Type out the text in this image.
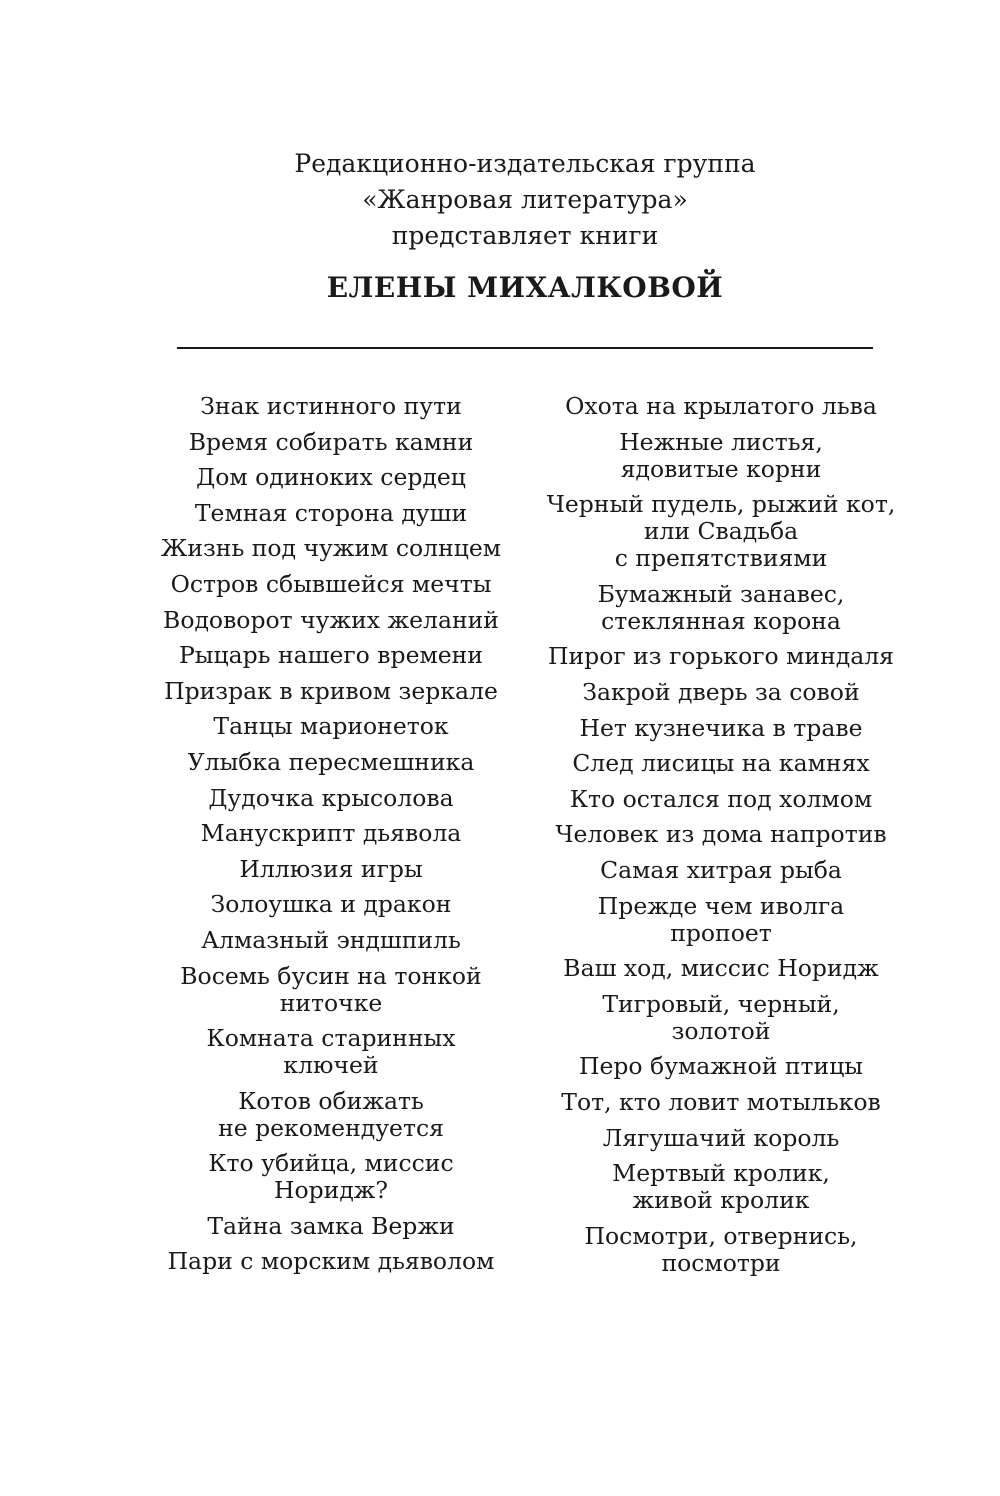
Редакционно-издательская группа
«Жанровая литература»
представляет книги
ЕЛЕНЫ МИХАЛКОВОЙ
Знак истинного пути
Время собирать камни
Дом одиноких сердец
Темная сторона души
Жизнь под чужим солнцем
Остров сбывшейся мечты
Водоворот чужих желаний
Рыцарь нашего времени
Призрак в кривом зеркале
Танцы марионеток
Улыбка пересмешника
Дудочка крысолова
Манускрипт дьявола
Иллюзия игры
Золоушка и дракон
Алмазный эндшпиль
Восемь бусин на тонкой
ниточке
Комната старинных
ключей
Котов обижать
не рекомендуется
Кто убийца, миссис
Норидж?
Тайна замка Вержи
Пари с морским дьяволом
Охота на крылатого льва
Нежные листья,
ядовитые корни
Черный пудель, рыжий кот,
или Свадьба
с препятствиями
Бумажный занавес,
стеклянная корона
Пирог из горького миндаля
Закрой дверь за совой
Нет кузнечика в траве
След лисицы на камнях
Кто остался под холмом
Человек из дома напротив
Самая хитрая рыба
Прежде чем иволга
пропоет
Ваш ход, миссис Норидж
Тигровый, черный,
золотой
Перо бумажной птицы
Тот, кто ловит мотыльков
Лягушачий король
Мертвый кролик,
живой кролик
Посмотри, отвернись,
посмотри
